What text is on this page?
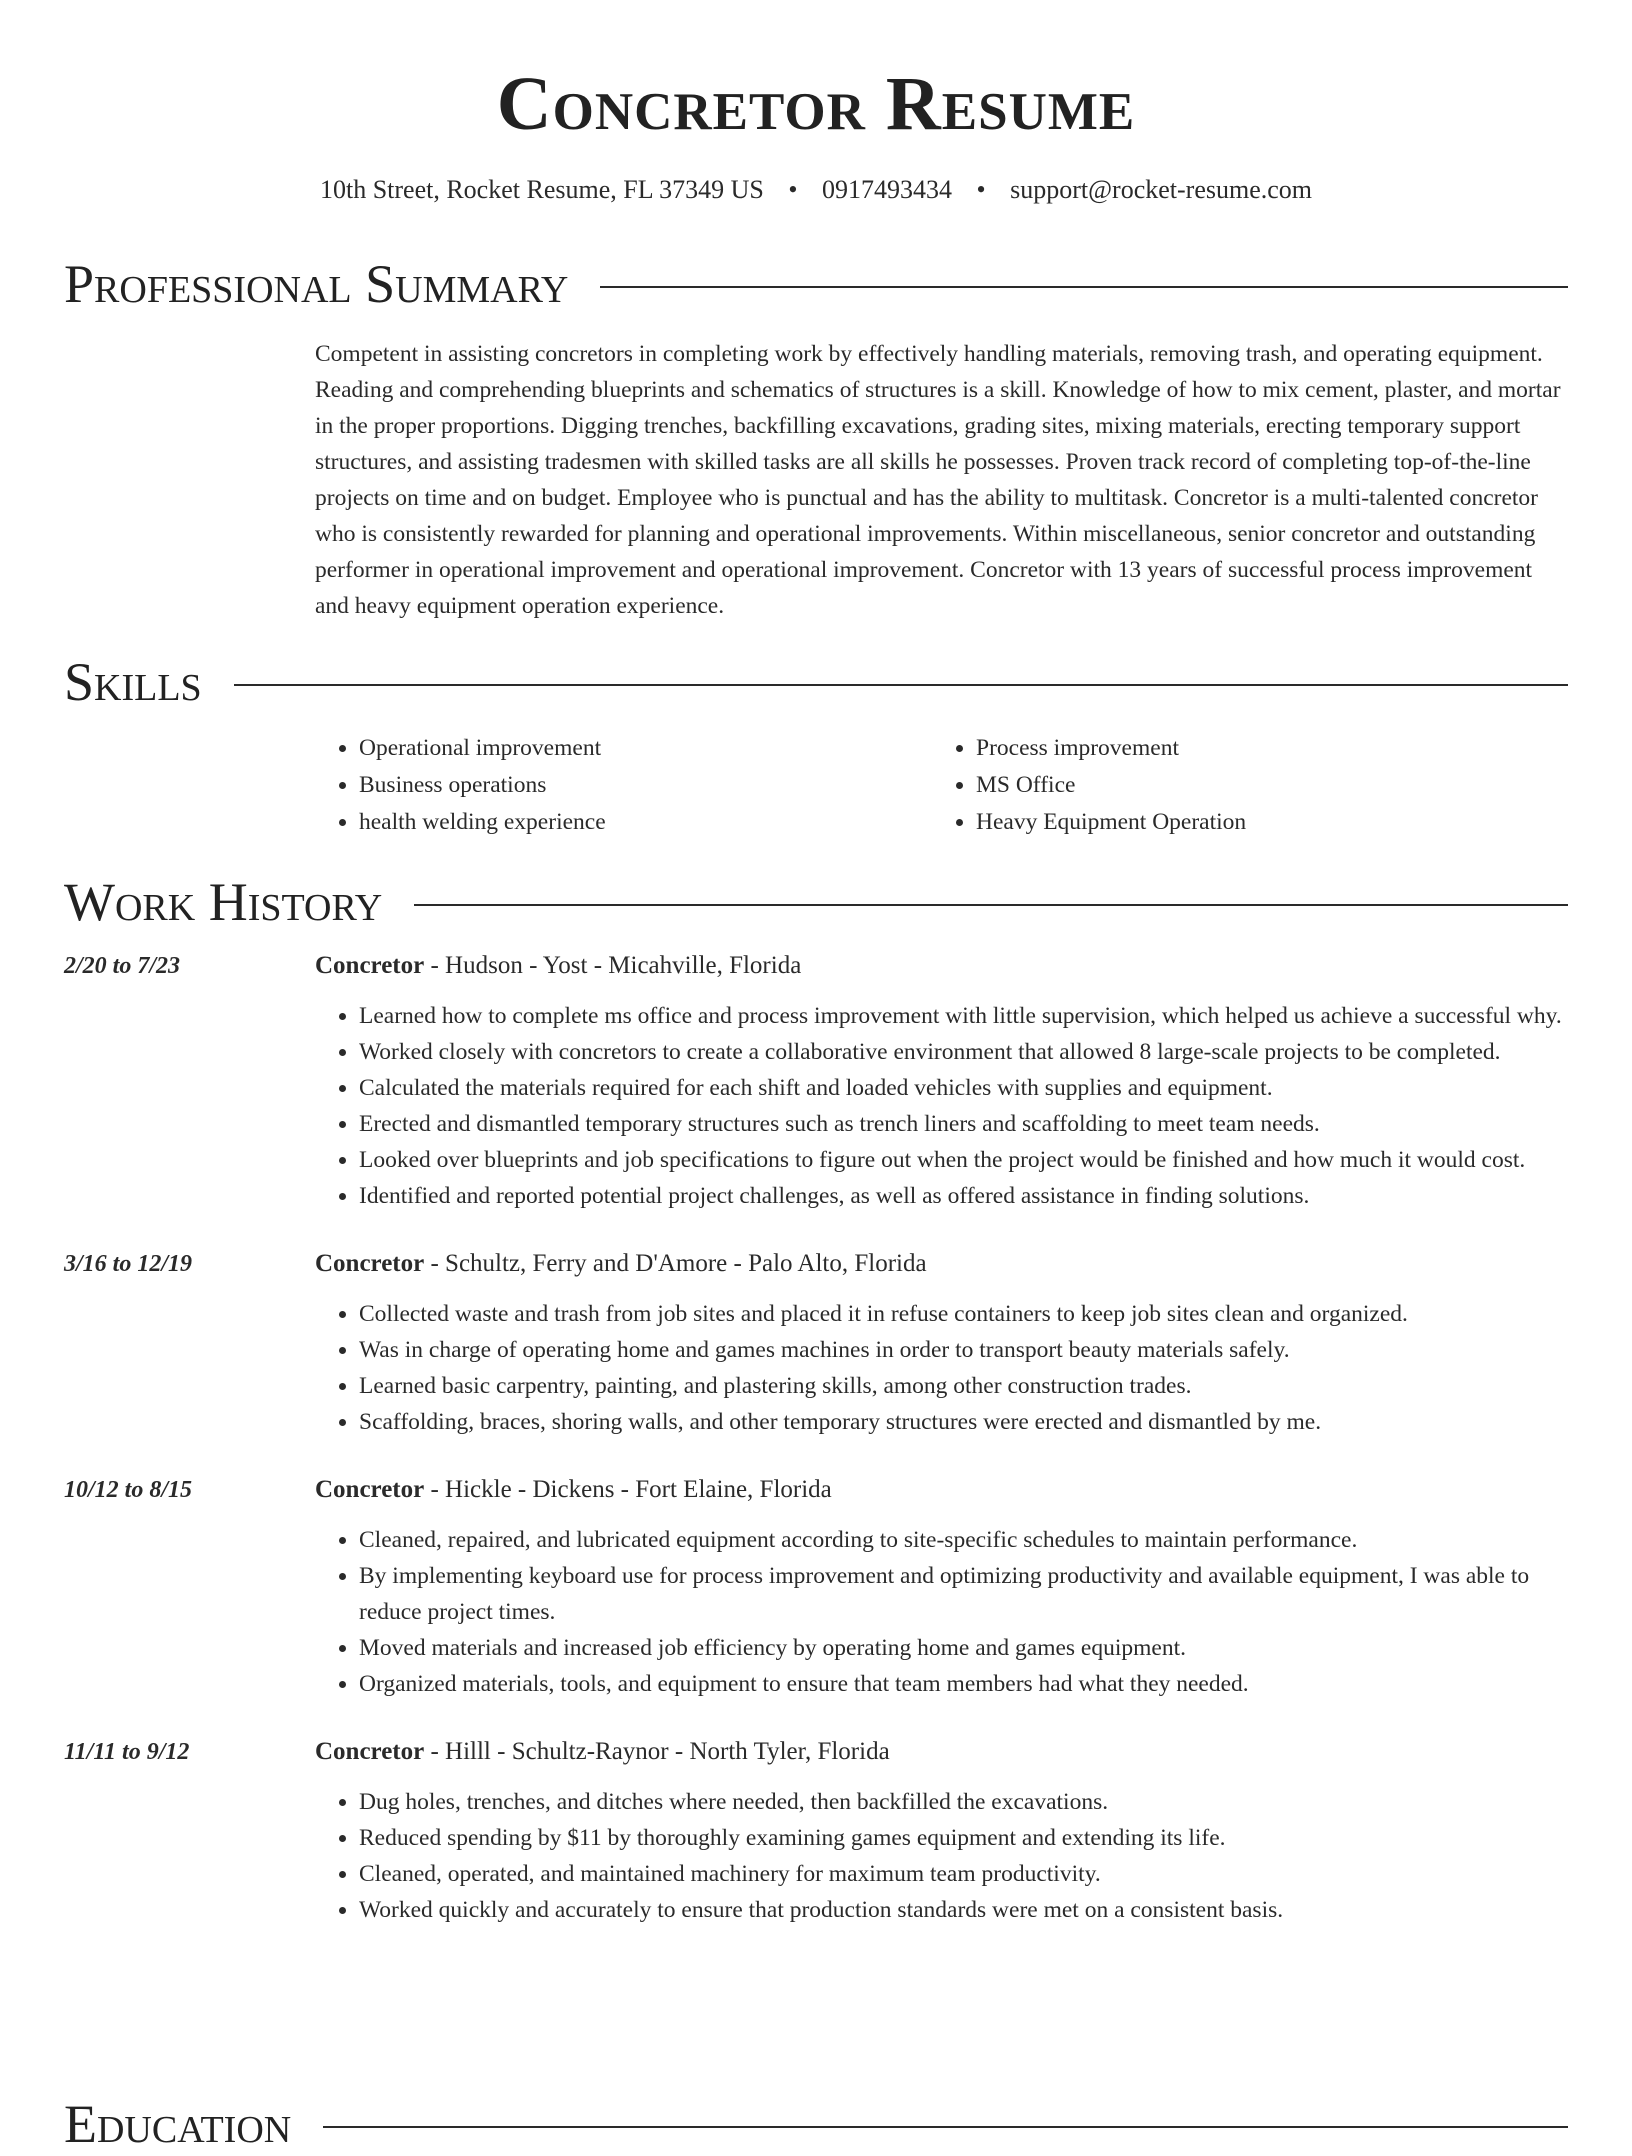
Concretor Resume
10th Street, Rocket Resume, FL 37349 US • 0917493434 • support@rocket-resume.com
Professional Summary

Competent in assisting concretors in completing work by effectively handling materials, removing trash, and operating equipment. Reading and comprehending blueprints and schematics of structures is a skill. Knowledge of how to mix cement, plaster, and mortar in the proper proportions. Digging trenches, backfilling excavations, grading sites, mixing materials, erecting temporary support structures, and assisting tradesmen with skilled tasks are all skills he possesses. Proven track record of completing top-of-the-line projects on time and on budget. Employee who is punctual and has the ability to multitask. Concretor is a multi-talented concretor who is consistently rewarded for planning and operational improvements. Within miscellaneous, senior concretor and outstanding performer in operational improvement and operational improvement. Concretor with 13 years of successful process improvement and heavy equipment operation experience.

Skills
• Operational improvement
• Business operations
• health welding experience
• Process improvement
• MS Office
• Heavy Equipment Operation
Work History
2/20 to 7/23	Concretor - Hudson - Yost - Micahville, Florida
• Learned how to complete ms office and process improvement with little supervision, which helped us achieve a successful why.
• Worked closely with concretors to create a collaborative environment that allowed 8 large-scale projects to be completed.
• Calculated the materials required for each shift and loaded vehicles with supplies and equipment.
• Erected and dismantled temporary structures such as trench liners and scaffolding to meet team needs.
• Looked over blueprints and job specifications to figure out when the project would be finished and how much it would cost.
• Identified and reported potential project challenges, as well as offered assistance in finding solutions.
3/16 to 12/19	Concretor - Schultz, Ferry and D'Amore - Palo Alto, Florida
• Collected waste and trash from job sites and placed it in refuse containers to keep job sites clean and organized.
• Was in charge of operating home and games machines in order to transport beauty materials safely.
• Learned basic carpentry, painting, and plastering skills, among other construction trades.
• Scaffolding, braces, shoring walls, and other temporary structures were erected and dismantled by me.
10/12 to 8/15	Concretor - Hickle - Dickens - Fort Elaine, Florida
• Cleaned, repaired, and lubricated equipment according to site-specific schedules to maintain performance.
• By implementing keyboard use for process improvement and optimizing productivity and available equipment, I was able to reduce project times.
• Moved materials and increased job efficiency by operating home and games equipment.
• Organized materials, tools, and equipment to ensure that team members had what they needed.
11/11 to 9/12	Concretor - Hilll - Schultz-Raynor - North Tyler, Florida
• Dug holes, trenches, and ditches where needed, then backfilled the excavations.
• Reduced spending by $11 by thoroughly examining games equipment and extending its life.
• Cleaned, operated, and maintained machinery for maximum team productivity.
• Worked quickly and accurately to ensure that production standards were met on a consistent basis.
Education
